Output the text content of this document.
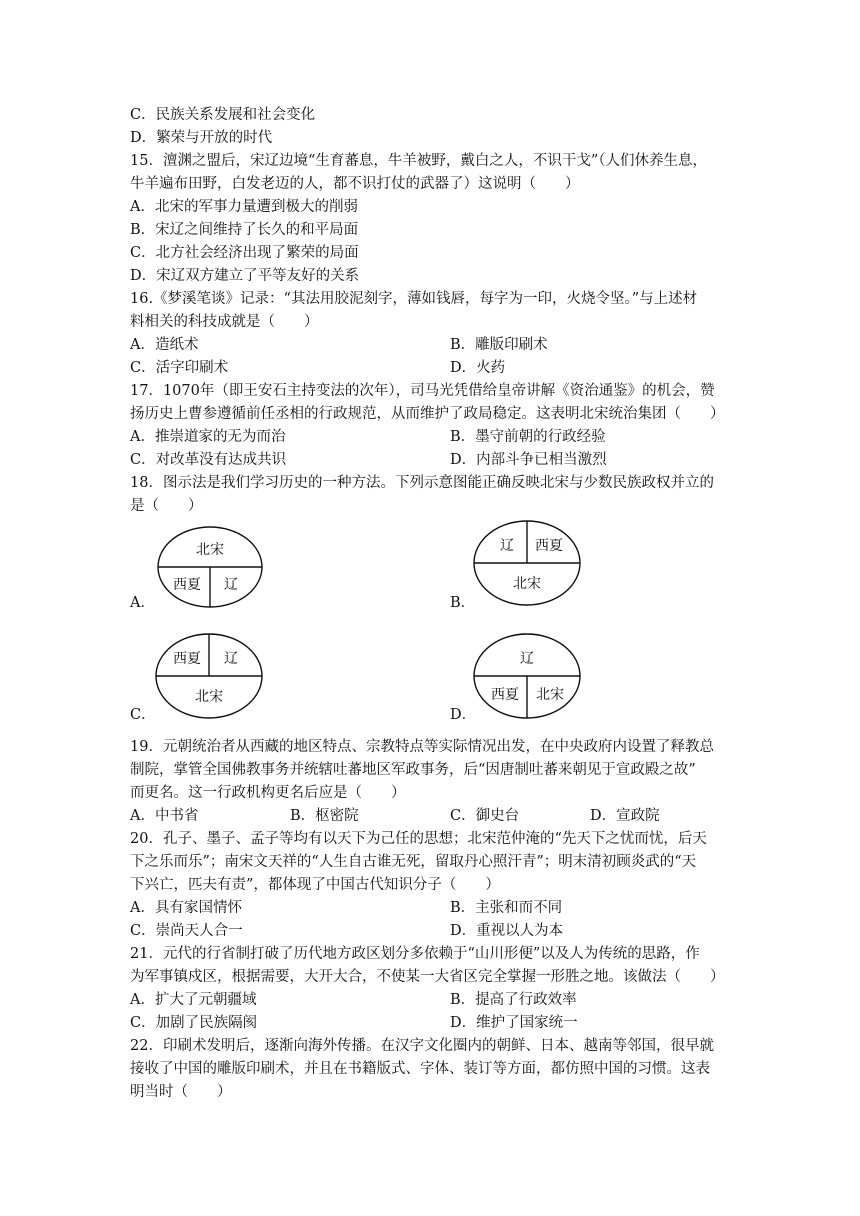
C．民族关系发展和社会变化
D．繁荣与开放的时代
15．澶渊之盟后，宋辽边境“生育蕃息，牛羊被野，戴白之人，不识干戈”（人们休养生息，
牛羊遍布田野，白发老迈的人，都不识打仗的武器了）这说明（　　）
A．北宋的军事力量遭到极大的削弱
B．宋辽之间维持了长久的和平局面
C．北方社会经济出现了繁荣的局面
D．宋辽双方建立了平等友好的关系
16.《梦溪笔谈》记录：“其法用胶泥刻字，薄如钱唇，每字为一印，火烧令坚。”与上述材
料相关的科技成就是（　　）
A．造纸术	B．雕版印刷术
C．活字印刷术	D．火药
17．1070年（即王安石主持变法的次年），司马光凭借给皇帝讲解《资治通鉴》的机会，赞
扬历史上曹参遵循前任丞相的行政规范，从而维护了政局稳定。这表明北宋统治集团（　　）
A．推崇道家的无为而治	B．墨守前朝的行政经验
C．对改革没有达成共识	D．内部斗争已相当激烈
18．图示法是我们学习历史的一种方法。下列示意图能正确反映北宋与少数民族政权并立的
是（　　）
A．
北宋
西夏 辽
B．
辽 西夏
北宋
C．
西夏 辽
北宋
D．
辽
西夏 北宋
19．元朝统治者从西藏的地区特点、宗教特点等实际情况出发，在中央政府内设置了释教总
制院，掌管全国佛教事务并统辖吐蕃地区军政事务，后“因唐制吐蕃来朝见于宣政殿之故”
而更名。这一行政机构更名后应是（　　）
A．中书省	B．枢密院	C．御史台	D．宣政院
20．孔子、墨子、孟子等均有以天下为己任的思想；北宋范仲淹的“先天下之忧而忧，后天
下之乐而乐”；南宋文天祥的“人生自古谁无死，留取丹心照汗青”；明末清初顾炎武的“天
下兴亡，匹夫有责”，都体现了中国古代知识分子（　　）
A．具有家国情怀	B．主张和而不同
C．崇尚天人合一	D．重视以人为本
21．元代的行省制打破了历代地方政区划分多依赖于“山川形便”以及人为传统的思路，作
为军事镇戍区，根据需要，大开大合，不使某一大省区完全掌握一形胜之地。该做法（　　）
A．扩大了元朝疆域	B．提高了行政效率
C．加剧了民族隔阂	D．维护了国家统一
22．印刷术发明后，逐渐向海外传播。在汉字文化圈内的朝鲜、日本、越南等邻国，很早就
接收了中国的雕版印刷术，并且在书籍版式、字体、装订等方面，都仿照中国的习惯。这表
明当时（　　）
